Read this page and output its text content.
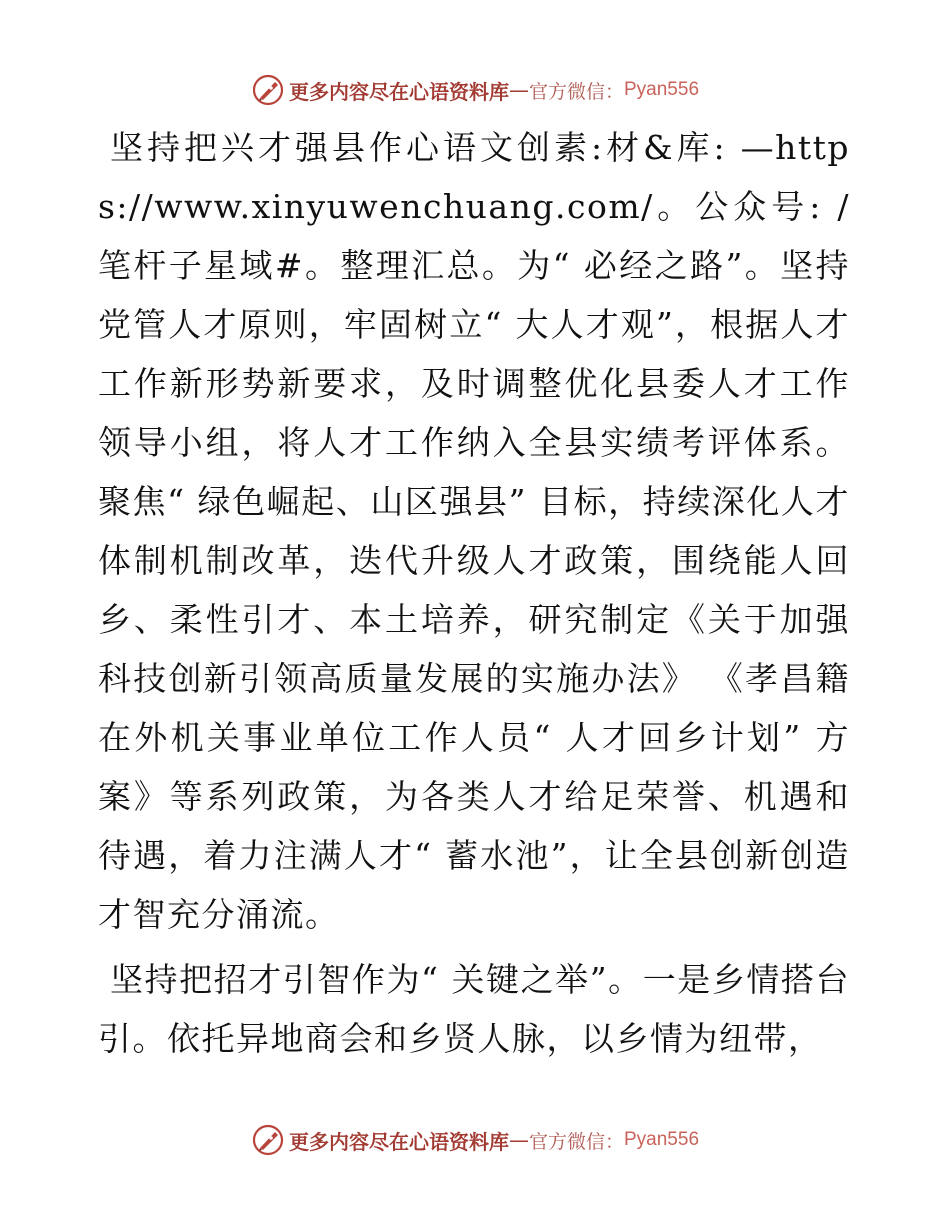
更多内容尽在心语资料库 — 官方微信： Pyan556

坚持把兴才强县作心语文创素:材&库: —https://www.xinyuwenchuang.com/。公众号: /笔杆子星域#。整理汇总。为“ 必经之路”。坚持党管人才原则，牢固树立“ 大人才观”，根据人才工作新形势新要求，及时调整优化县委人才工作领导小组，将人才工作纳入全县实绩考评体系。聚焦“ 绿色崛起、山区强县” 目标，持续深化人才体制机制改革，迭代升级人才政策，围绕能人回乡、柔性引才、本土培养，研究制定《关于加强科技创新引领高质量发展的实施办法》 《孝昌籍在外机关事业单位工作人员“ 人才回乡计划” 方案》等系列政策，为各类人才给足荣誉、机遇和待遇，着力注满人才“ 蓄水池”，让全县创新创造才智充分涌流。

坚持把招才引智作为“ 关键之举”。一是乡情搭台引。依托异地商会和乡贤人脉，以乡情为纽带，

更多内容尽在心语资料库 — 官方微信： Pyan556
